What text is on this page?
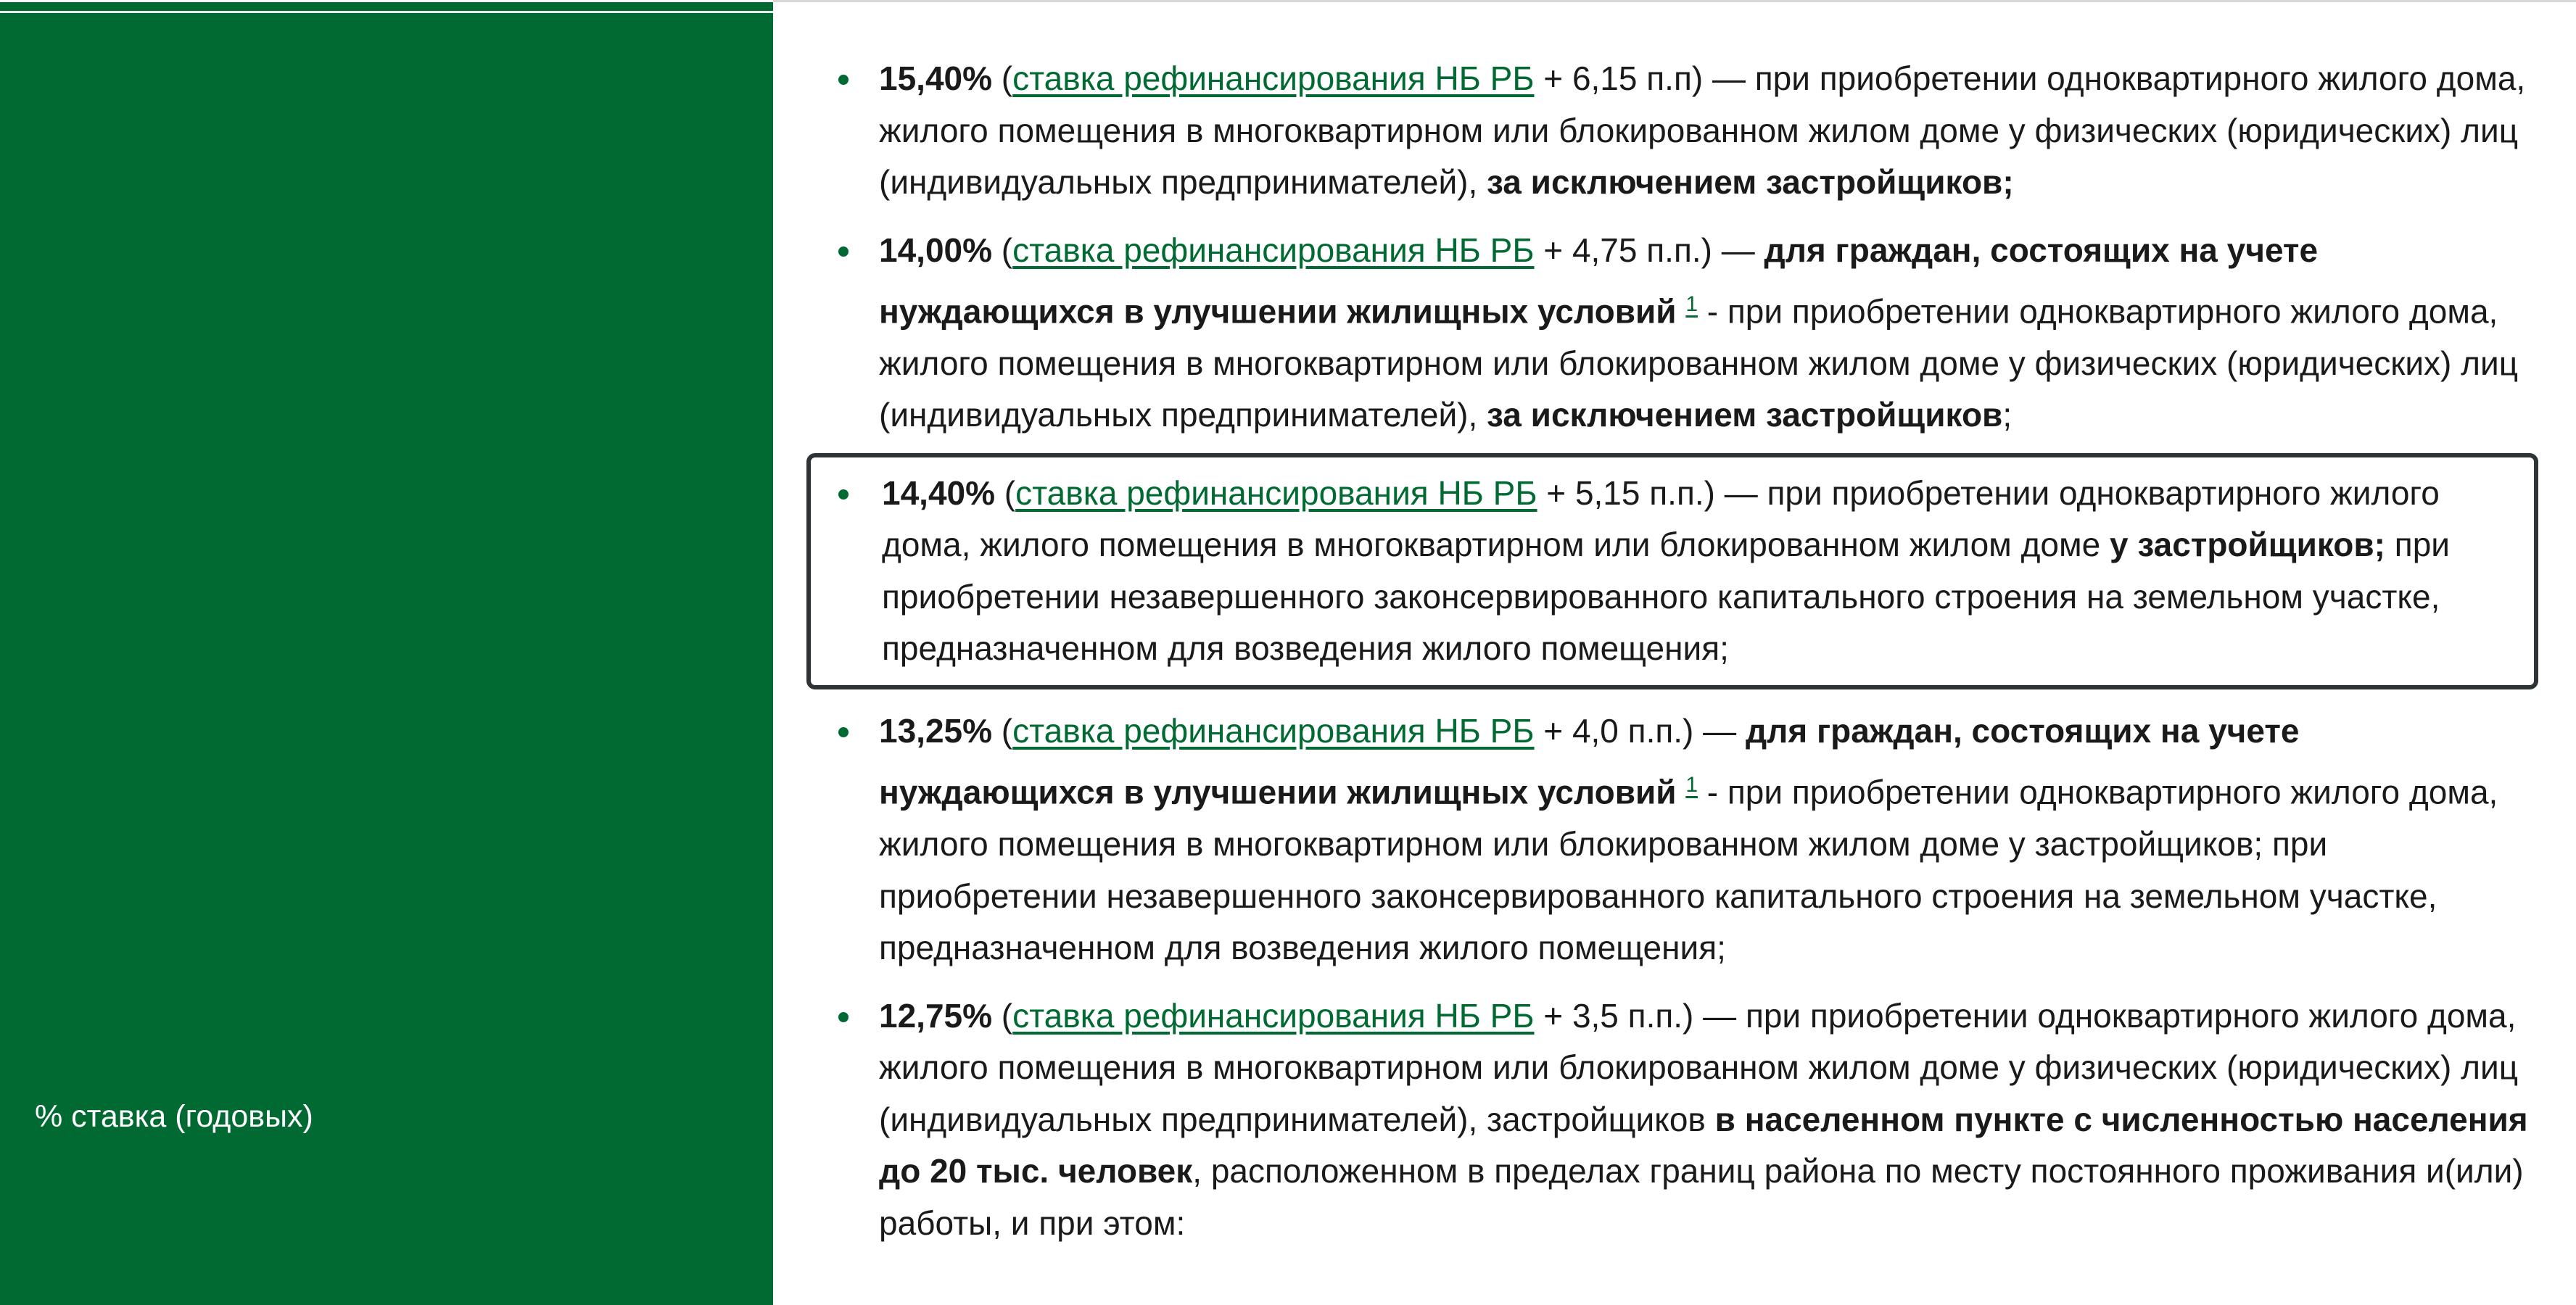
% ставка (годовых)
15,40% (ставка рефинансирования НБ РБ + 6,15 п.п) — при приобретении одноквартирного жилого дома, жилого помещения в многоквартирном или блокированном жилом доме у физических (юридических) лиц (индивидуальных предпринимателей), за исключением застройщиков;
14,00% (ставка рефинансирования НБ РБ + 4,75 п.п.) — для граждан, состоящих на учете нуждающихся в улучшении жилищных условий $^1$ - при приобретении одноквартирного жилого дома, жилого помещения в многоквартирном или блокированном жилом доме у физических (юридических) лиц (индивидуальных предпринимателей), за исключением застройщиков;
14,40% (ставка рефинансирования НБ РБ + 5,15 п.п.) — при приобретении одноквартирного жилого дома, жилого помещения в многоквартирном или блокированном жилом доме у застройщиков; при приобретении незавершенного законсервированного капитального строения на земельном участке, предназначенном для возведения жилого помещения;
13,25% (ставка рефинансирования НБ РБ + 4,0 п.п.) — для граждан, состоящих на учете нуждающихся в улучшении жилищных условий $^1$ - при приобретении одноквартирного жилого дома, жилого помещения в многоквартирном или блокированном жилом доме у застройщиков; при приобретении незавершенного законсервированного капитального строения на земельном участке, предназначенном для возведения жилого помещения;
12,75% (ставка рефинансирования НБ РБ + 3,5 п.п.) — при приобретении одноквартирного жилого дома, жилого помещения в многоквартирном или блокированном жилом доме у физических (юридических) лиц (индивидуальных предпринимателей), застройщиков в населенном пункте с численностью населения до 20 тыс. человек, расположенном в пределах границ района по месту постоянного проживания и(или) работы, и при этом:
